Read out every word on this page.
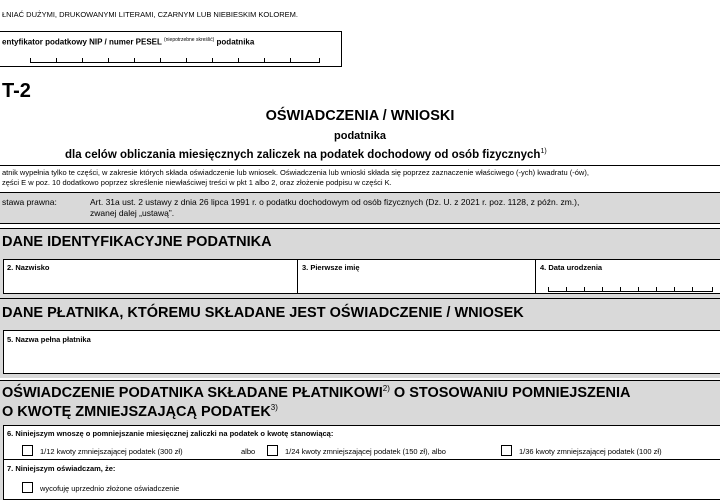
ŁNIAĆ DUŻYMI, DRUKOWANYMI LITERAMI, CZARNYM LUB NIEBIESKIM KOLOREM.
entyfikator podatkowy NIP / numer PESEL $^{(niepotrzebne skreślić)}$ podatnika
T-2
OŚWIADCZENIA / WNIOSKI
podatnika
dla celów obliczania miesięcznych zaliczek na podatek dochodowy od osób fizycznych$^{1)}$
atnik wypełnia tylko te części, w zakresie których składa oświadczenie lub wniosek. Oświadczenia lub wnioski składa się poprzez zaznaczenie właściwego (-ych) kwadratu (-ów),
zęści E w poz. 10 dodatkowo poprzez skreślenie niewłaściwej treści w pkt 1 albo 2, oraz złożenie podpisu w części K.
stawa prawna:	Art. 31a ust. 2 ustawy z dnia 26 lipca 1991 r. o podatku dochodowym od osób fizycznych (Dz. U. z 2021 r. poz. 1128, z późn. zm.),
zwanej dalej „ustawą”.
DANE IDENTYFIKACYJNE PODATNIKA
2. Nazwisko	3. Pierwsze imię	4. Data urodzenia
DANE PŁATNIKA, KTÓREMU SKŁADANE JEST OŚWIADCZENIE / WNIOSEK
5. Nazwa pełna płatnika
OŚWIADCZENIE PODATNIKA SKŁADANE PŁATNIKOWI$^{2)}$ O STOSOWANIU POMNIEJSZENIA
O KWOTĘ ZMNIEJSZAJĄCĄ PODATEK$^{3)}$
6. Niniejszym wnoszę o pomniejszanie miesięcznej zaliczki na podatek o kwotę stanowiącą:
1/12 kwoty zmniejszającej podatek (300 zł)	albo	1/24 kwoty zmniejszającej podatek (150 zł), albo	1/36 kwoty zmniejszającej podatek (100 zł)
7. Niniejszym oświadczam, że:
wycofuję uprzednio złożone oświadczenie
